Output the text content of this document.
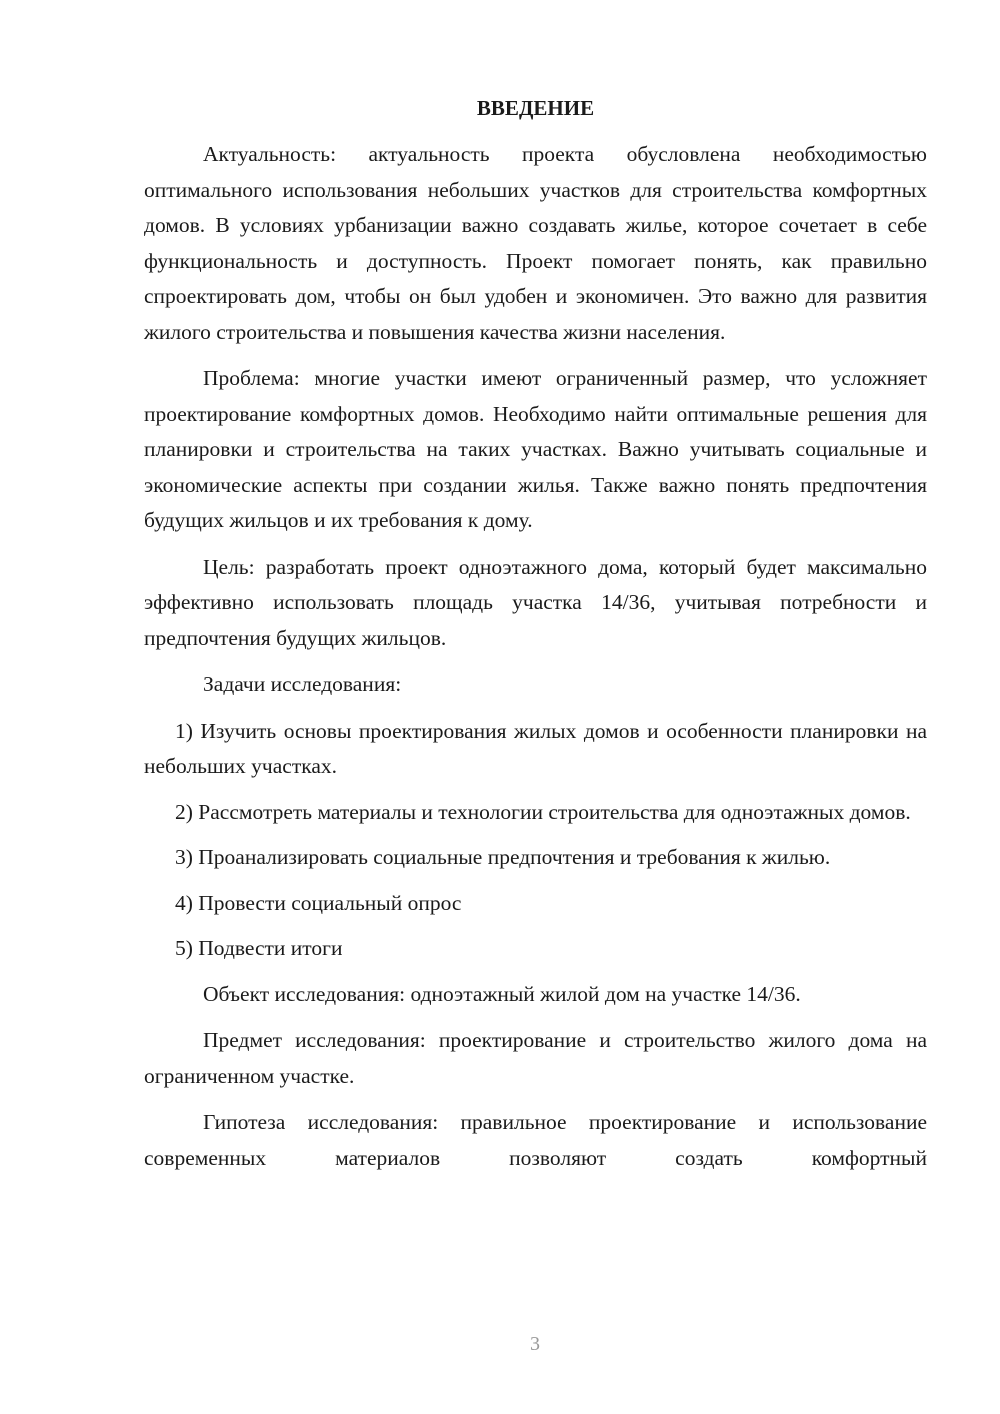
ВВЕДЕНИЕ

Актуальность: актуальность проекта обусловлена необходимостью оптимального использования небольших участков для строительства комфортных домов. В условиях урбанизации важно создавать жилье, которое сочетает в себе функциональность и доступность. Проект помогает понять, как правильно спроектировать дом, чтобы он был удобен и экономичен. Это важно для развития жилого строительства и повышения качества жизни населения.

Проблема: многие участки имеют ограниченный размер, что усложняет проектирование комфортных домов. Необходимо найти оптимальные решения для планировки и строительства на таких участках. Важно учитывать социальные и экономические аспекты при создании жилья. Также важно понять предпочтения будущих жильцов и их требования к дому.

Цель: разработать проект одноэтажного дома, который будет максимально эффективно использовать площадь участка 14/36, учитывая потребности и предпочтения будущих жильцов.

Задачи исследования:

1) Изучить основы проектирования жилых домов и особенности планировки на небольших участках.

2) Рассмотреть материалы и технологии строительства для одноэтажных домов.

3) Проанализировать социальные предпочтения и требования к жилью.

4) Провести социальный опрос

5) Подвести итоги

Объект исследования: одноэтажный жилой дом на участке 14/36.

Предмет исследования: проектирование и строительство жилого дома на ограниченном участке.

Гипотеза исследования: правильное проектирование и использование современных материалов позволяют создать комфортный

3
